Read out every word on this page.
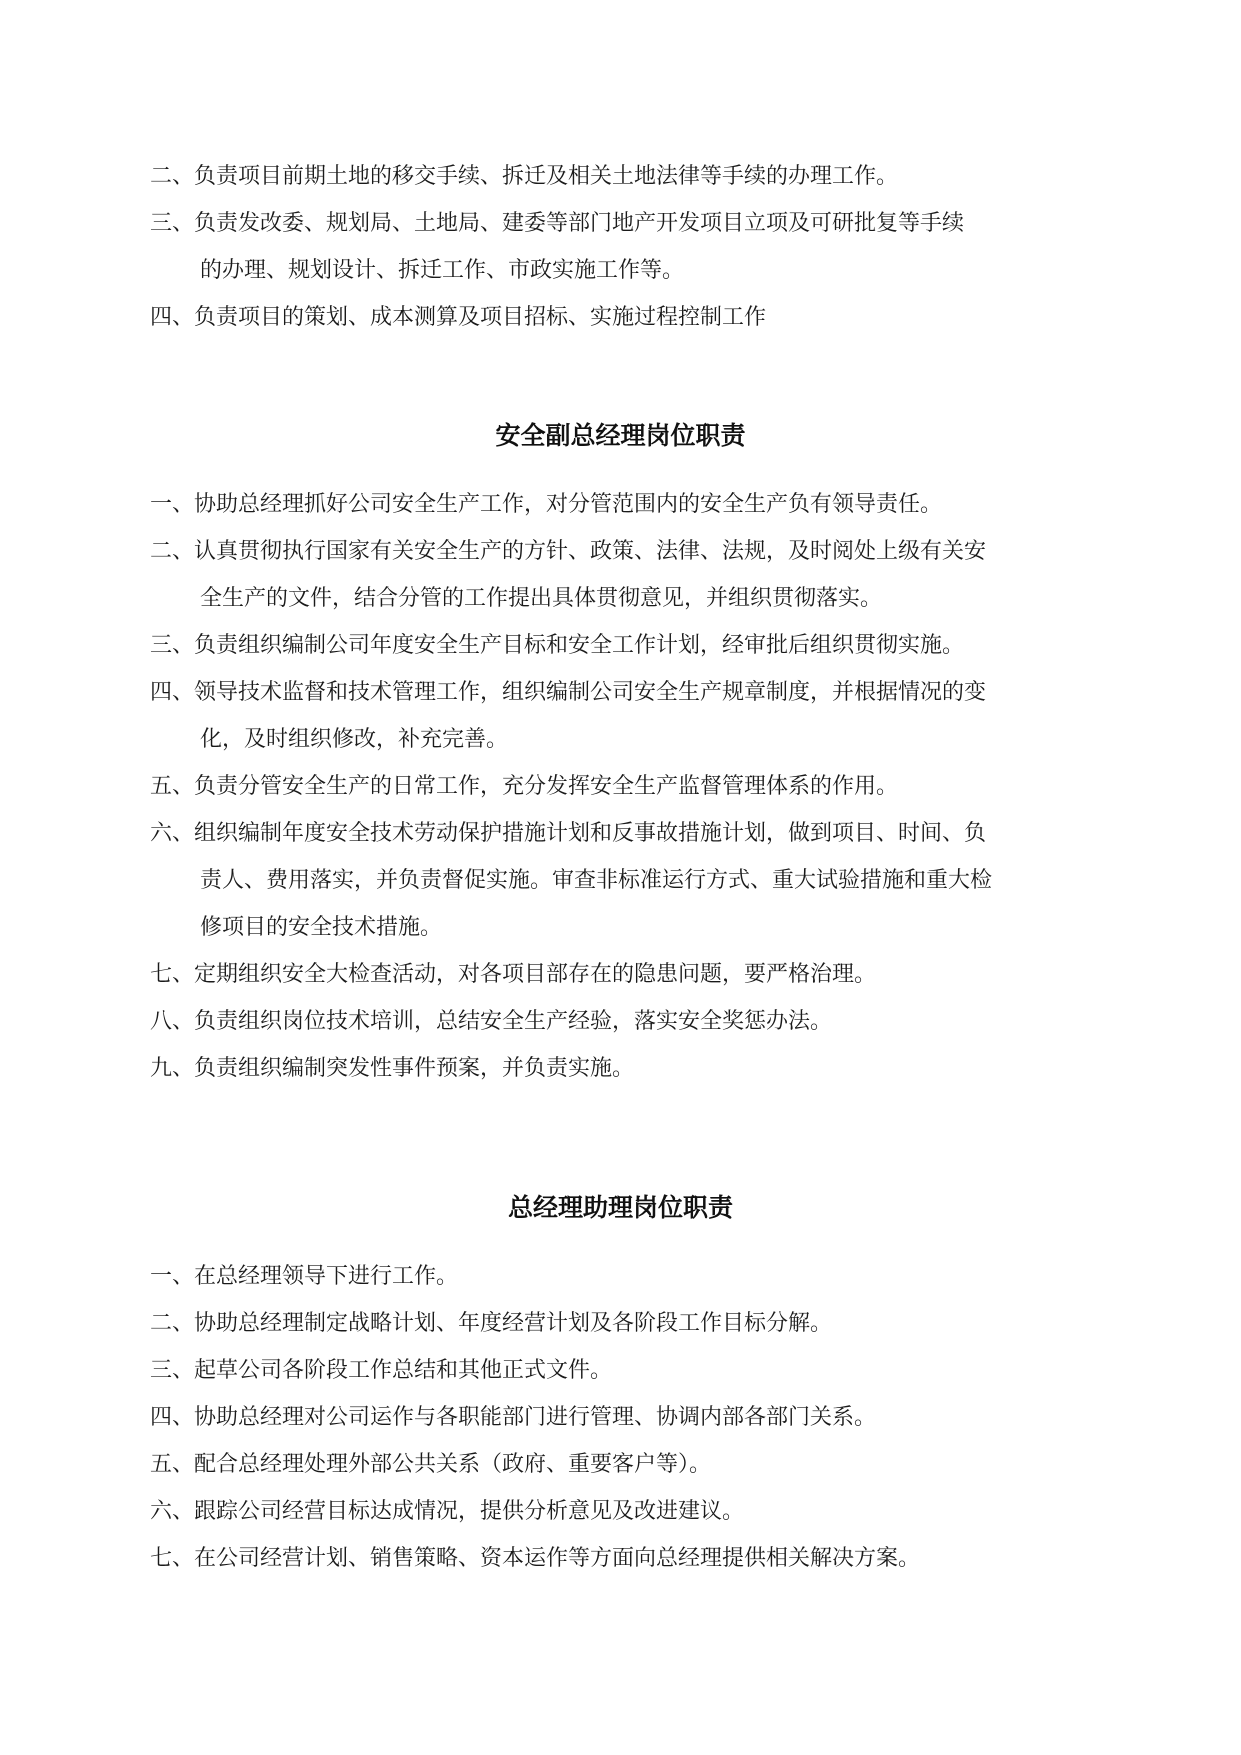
二、负责项目前期土地的移交手续、拆迁及相关土地法律等手续的办理工作。
三、负责发改委、规划局、土地局、建委等部门地产开发项目立项及可研批复等手续
的办理、规划设计、拆迁工作、市政实施工作等。
四、负责项目的策划、成本测算及项目招标、实施过程控制工作
安全副总经理岗位职责
一、协助总经理抓好公司安全生产工作，对分管范围内的安全生产负有领导责任。
二、认真贯彻执行国家有关安全生产的方针、政策、法律、法规，及时阅处上级有关安
全生产的文件，结合分管的工作提出具体贯彻意见，并组织贯彻落实。
三、负责组织编制公司年度安全生产目标和安全工作计划，经审批后组织贯彻实施。
四、领导技术监督和技术管理工作，组织编制公司安全生产规章制度，并根据情况的变
化，及时组织修改，补充完善。
五、负责分管安全生产的日常工作，充分发挥安全生产监督管理体系的作用。
六、组织编制年度安全技术劳动保护措施计划和反事故措施计划，做到项目、时间、负
责人、费用落实，并负责督促实施。审查非标准运行方式、重大试验措施和重大检
修项目的安全技术措施。
七、定期组织安全大检查活动，对各项目部存在的隐患问题，要严格治理。
八、负责组织岗位技术培训，总结安全生产经验，落实安全奖惩办法。
九、负责组织编制突发性事件预案，并负责实施。
总经理助理岗位职责
一、在总经理领导下进行工作。
二、协助总经理制定战略计划、年度经营计划及各阶段工作目标分解。
三、起草公司各阶段工作总结和其他正式文件。
四、协助总经理对公司运作与各职能部门进行管理、协调内部各部门关系。
五、配合总经理处理外部公共关系（政府、重要客户等）。
六、跟踪公司经营目标达成情况，提供分析意见及改进建议。
七、在公司经营计划、销售策略、资本运作等方面向总经理提供相关解决方案。
